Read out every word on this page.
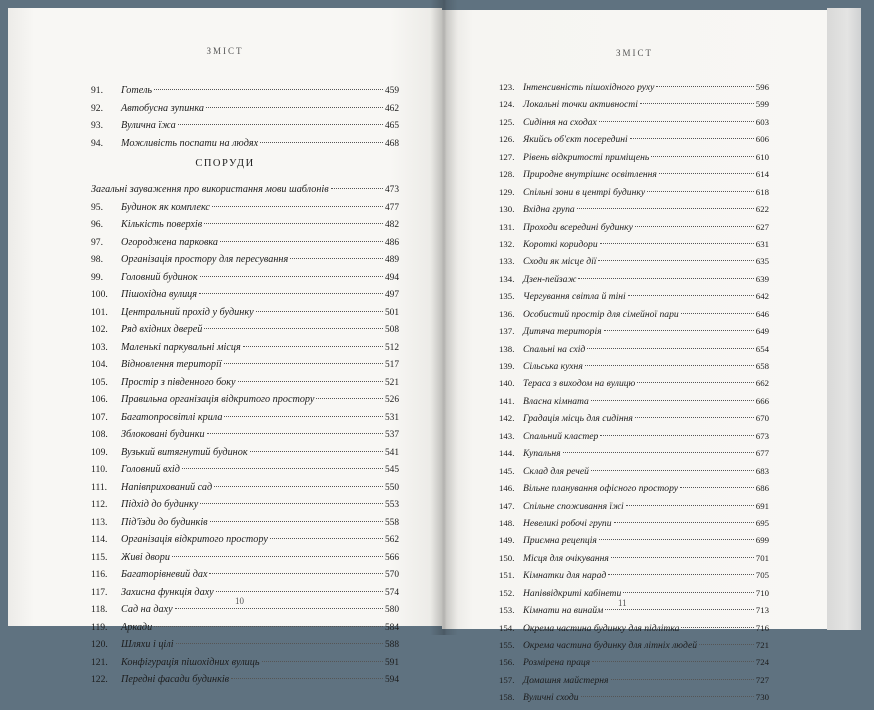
ЗМІСТ
91.	Готель	459
92.	Автобусна зупинка	462
93.	Вулична їжа	465
94.	Можливість поспати на людях	468
СПОРУДИ
Загальні зауваження про використання мови шаблонів	473
95.	Будинок як комплекс	477
96.	Кількість поверхів	482
97.	Огороджена парковка	486
98.	Організація простору для пересування	489
99.	Головний будинок	494
100.	Пішохідна вулиця	497
101.	Центральний прохід у будинку	501
102.	Ряд вхідних дверей	508
103.	Маленькі паркувальні місця	512
104.	Відновлення території	517
105.	Простір з південного боку	521
106.	Правильна організація відкритого простору	526
107.	Багатопросвітлі крила	531
108.	Зблоковані будинки	537
109.	Вузький витягнутий будинок	541
110.	Головний вхід	545
111.	Напівприхований сад	550
112.	Підхід до будинку	553
113.	Під'їзди до будинків	558
114.	Організація відкритого простору	562
115.	Живі двори	566
116.	Багаторівневий дах	570
117.	Захисна функція даху	574
118.	Сад на даху	580
119.	Аркади	584
120.	Шляхи і цілі	588
121.	Конфігурація пішохідних вулиць	591
122.	Передні фасади будинків	594
10
ЗМІСТ
123. Інтенсивність пішохідного руху	596
124. Локальні точки активності	599
125. Сидіння на сходах	603
126. Якийсь об'єкт посередині	606
127. Рівень відкритості приміщень	610
128. Природне внутрішнє освітлення	614
129. Спільні зони в центрі будинку	618
130. Вхідна група	622
131. Проходи всередині будинку	627
132. Короткі коридори	631
133. Сходи як місце дії	635
134. Дзен-пейзаж	639
135. Чергування світла й тіні	642
136. Особистий простір для сімейної пари	646
137. Дитяча територія	649
138. Спальні на схід	654
139. Сільська кухня	658
140. Тераса з виходом на вулицю	662
141. Власна кімната	666
142. Градація місць для сидіння	670
143. Спальний кластер	673
144. Купальня	677
145. Склад для речей	683
146. Вільне планування офісного простору	686
147. Спільне споживання їжі	691
148. Невеликі робочі групи	695
149. Приємна рецепція	699
150. Місця для очікування	701
151. Кімнатки для нарад	705
152. Напіввідкриті кабінети	710
153. Кімнати на винайм	713
154. Окрема частина будинку для підлітка	716
155. Окрема частина будинку для літніх людей	721
156. Розмірена праця	724
157. Домашня майстерня	727
158. Вуличні сходи	730
11
